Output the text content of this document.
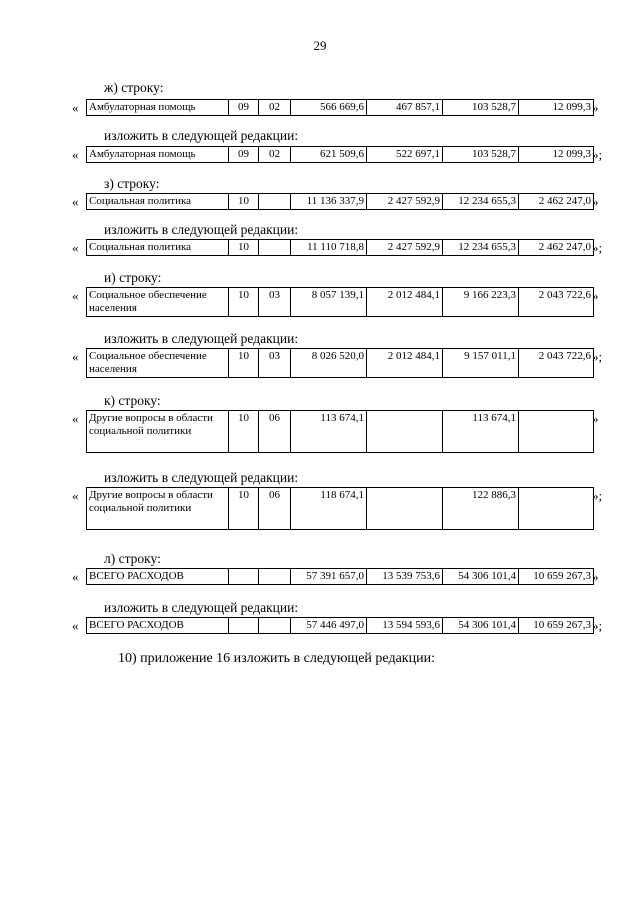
29
ж) строку:
« Амбулаторная помощь	09	02	566 669,6	467 857,1	103 528,7	12 099,3 »
изложить в следующей редакции:
« Амбулаторная помощь	09	02	621 509,6	522 697,1	103 528,7	12 099,3 »;
з) строку:
« Социальная политика	10		11 136 337,9	2 427 592,9	12 234 655,3	2 462 247,0 »
изложить в следующей редакции:
« Социальная политика	10		11 110 718,8	2 427 592,9	12 234 655,3	2 462 247,0 »;
и) строку:
« Социальное обеспечение населения	10	03	8 057 139,1	2 012 484,1	9 166 223,3	2 043 722,6 »
изложить в следующей редакции:
« Социальное обеспечение населения	10	03	8 026 520,0	2 012 484,1	9 157 011,1	2 043 722,6 »;
к) строку:
« Другие вопросы в области социальной политики	10	06	113 674,1		113 674,1		»
изложить в следующей редакции:
« Другие вопросы в области социальной политики	10	06	118 674,1		122 886,3		»;
л) строку:
« ВСЕГО РАСХОДОВ			57 391 657,0	13 539 753,6	54 306 101,4	10 659 267,3 »
изложить в следующей редакции:
« ВСЕГО РАСХОДОВ			57 446 497,0	13 594 593,6	54 306 101,4	10 659 267,3 »;
10) приложение 16 изложить в следующей редакции:
